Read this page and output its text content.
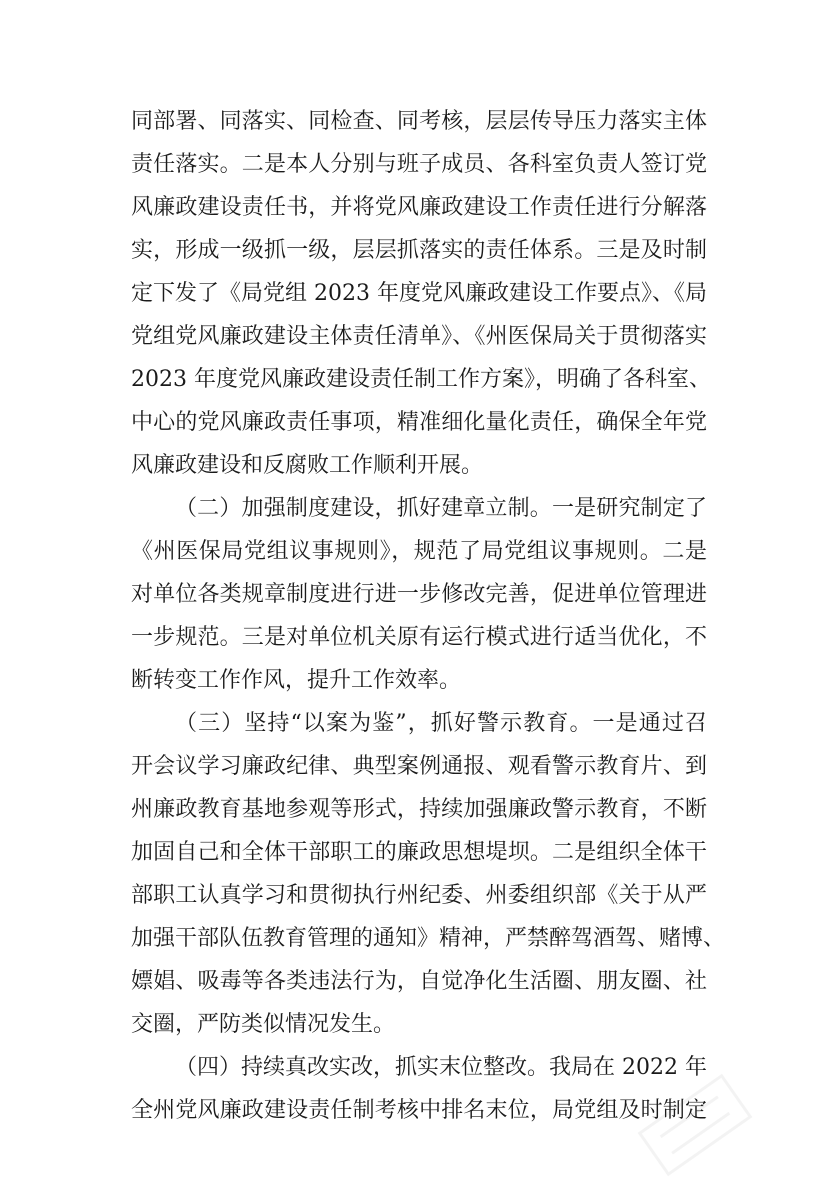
同部署、同落实、同检查、同考核，层层传导压力落实主体
责任落实。二是本人分别与班子成员、各科室负责人签订党
风廉政建设责任书，并将党风廉政建设工作责任进行分解落
实，形成一级抓一级，层层抓落实的责任体系。三是及时制
定下发了《局党组 2023 年度党风廉政建设工作要点》、《局
党组党风廉政建设主体责任清单》、《州医保局关于贯彻落实
2023 年度党风廉政建设责任制工作方案》，明确了各科室、
中心的党风廉政责任事项，精准细化量化责任，确保全年党
风廉政建设和反腐败工作顺利开展。
（二）加强制度建设，抓好建章立制。一是研究制定了
《州医保局党组议事规则》，规范了局党组议事规则。二是
对单位各类规章制度进行进一步修改完善，促进单位管理进
一步规范。三是对单位机关原有运行模式进行适当优化，不
断转变工作作风，提升工作效率。
（三）坚持“以案为鉴”，抓好警示教育。一是通过召
开会议学习廉政纪律、典型案例通报、观看警示教育片、到
州廉政教育基地参观等形式，持续加强廉政警示教育，不断
加固自己和全体干部职工的廉政思想堤坝。二是组织全体干
部职工认真学习和贯彻执行州纪委、州委组织部《关于从严
加强干部队伍教育管理的通知》精神，严禁醉驾酒驾、赌博、
嫖娼、吸毒等各类违法行为，自觉净化生活圈、朋友圈、社
交圈，严防类似情况发生。
（四）持续真改实改，抓实末位整改。我局在 2022 年
全州党风廉政建设责任制考核中排名末位，局党组及时制定
